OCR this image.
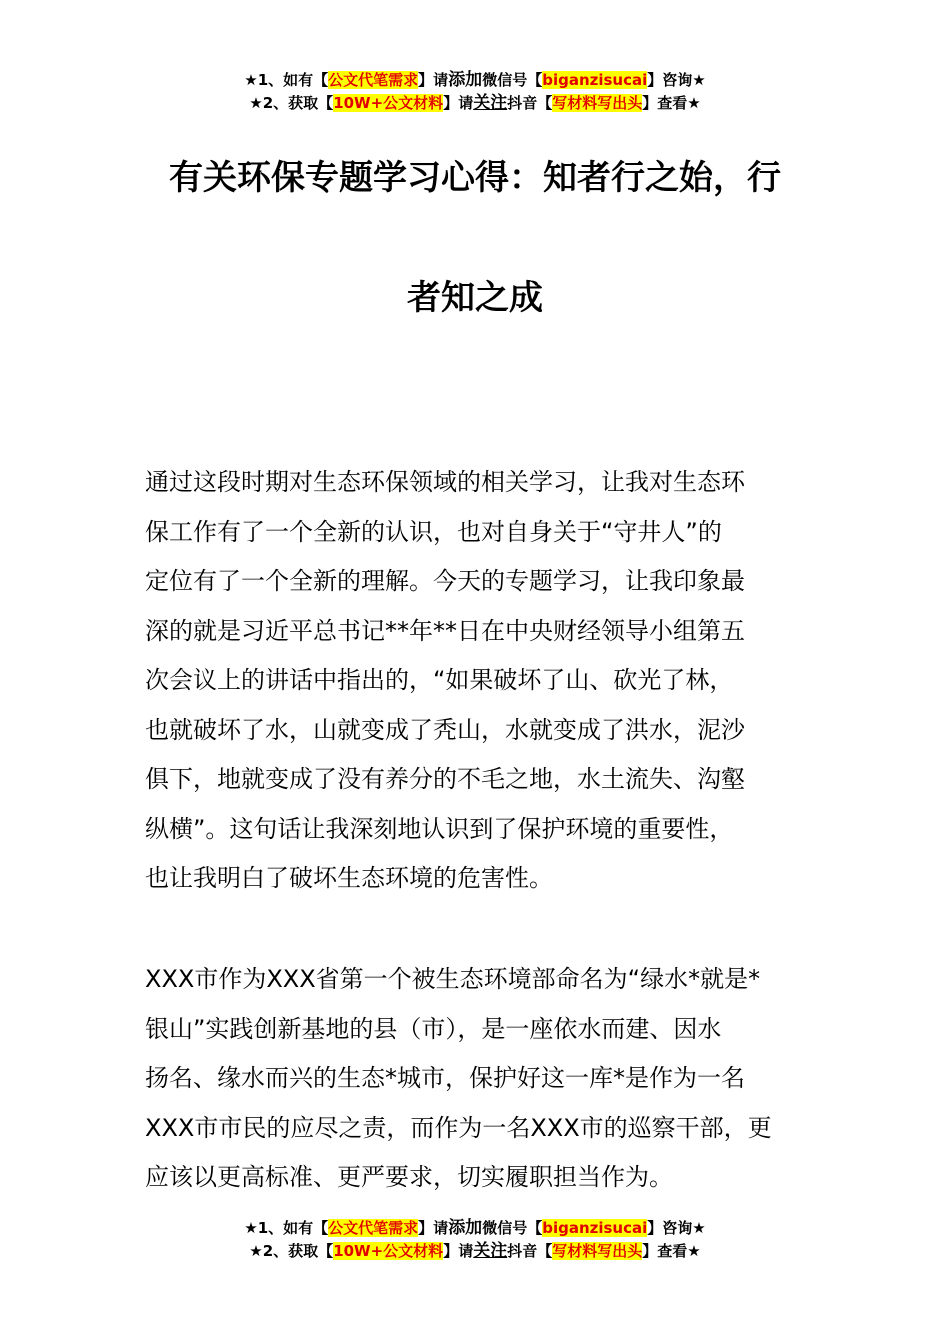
★1、如有【公文代笔需求】请添加微信号【biganzisucai】咨询★
★2、获取【10W+公文材料】请关注抖音【写材料写出头】查看★
有关环保专题学习心得：知者行之始，行
者知之成
通过这段时期对生态环保领域的相关学习，让我对生态环
保工作有了一个全新的认识，也对自身关于“守井人”的
定位有了一个全新的理解。今天的专题学习，让我印象最
深的就是习近平总书记**年**日在中央财经领导小组第五
次会议上的讲话中指出的，“如果破坏了山、砍光了林，
也就破坏了水，山就变成了秃山，水就变成了洪水，泥沙
俱下，地就变成了没有养分的不毛之地，水土流失、沟壑
纵横”。这句话让我深刻地认识到了保护环境的重要性，
也让我明白了破坏生态环境的危害性。
XXX市作为XXX省第一个被生态环境部命名为“绿水*就是*
银山”实践创新基地的县（市），是一座依水而建、因水
扬名、缘水而兴的生态*城市，保护好这一库*是作为一名
XXX市市民的应尽之责，而作为一名XXX市的巡察干部，更
应该以更高标准、更严要求，切实履职担当作为。
★1、如有【公文代笔需求】请添加微信号【biganzisucai】咨询★
★2、获取【10W+公文材料】请关注抖音【写材料写出头】查看★
